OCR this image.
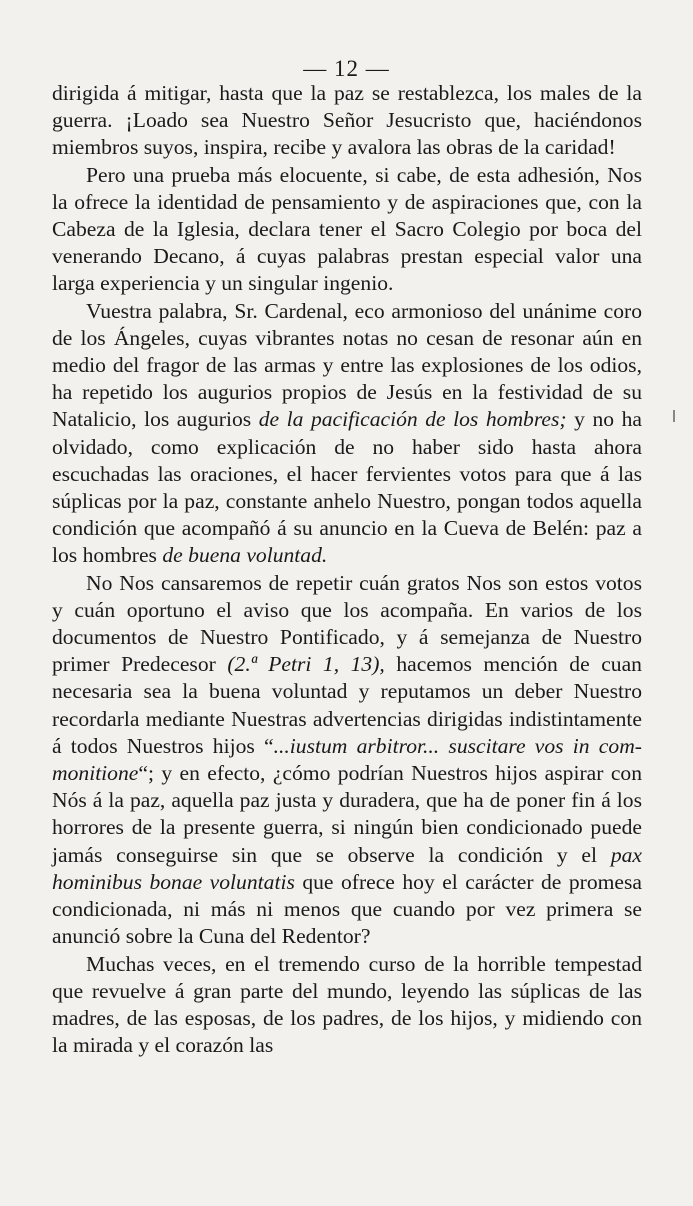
— 12 —

dirigida á mitigar, hasta que la paz se restablezca, los males de la guerra. ¡Loado sea Nuestro Señor Jesucristo que, haciéndonos miembros suyos, inspira, recibe y avalora las obras de la caridad!

Pero una prueba más elocuente, si cabe, de esta adhesión, Nos la ofrece la identidad de pensamiento y de aspiraciones que, con la Cabeza de la Iglesia, declara tener el Sacro Colegio por boca del venerando Decano, á cuyas palabras prestan especial valor una larga experiencia y un singular ingenio.

Vuestra palabra, Sr. Cardenal, eco armonioso del unánime coro de los Ángeles, cuyas vibrantes notas no cesan de resonar aún en medio del fragor de las armas y entre las explosiones de los odios, ha repetido los augurios propios de Jesús en la festividad de su Natalicio, los augurios de la pacificación de los hombres; y no ha olvidado, como explicación de no haber sido hasta ahora escuchadas las oraciones, el hacer fervientes votos para que á las súplicas por la paz, constante anhelo Nuestro, pongan todos aquella condición que acompañó á su anuncio en la Cueva de Belén: paz a los hombres de buena voluntad.

No Nos cansaremos de repetir cuán gratos Nos son estos votos y cuán oportuno el aviso que los acompaña. En varios de los documentos de Nuestro Pontificado, y á semejanza de Nuestro primer Predecesor (2.ª Petri 1, 13), hacemos mención de cuan necesaria sea la buena voluntad y reputamos un deber Nuestro recordarla mediante Nuestras advertencias dirigidas indistintamente á todos Nuestros hijos “...iustum arbitror... suscitare vos in commonitione“; y en efecto, ¿cómo podrían Nuestros hijos aspirar con Nós á la paz, aquella paz justa y duradera, que ha de poner fin á los horrores de la presente guerra, si ningún bien condicionado puede jamás conseguirse sin que se observe la condición y el pax hominibus bonae voluntatis que ofrece hoy el carácter de promesa condicionada, ni más ni menos que cuando por vez primera se anunció sobre la Cuna del Redentor?

Muchas veces, en el tremendo curso de la horrible tempestad que revuelve á gran parte del mundo, leyendo las súplicas de las madres, de las esposas, de los padres, de los hijos, y midiendo con la mirada y el corazón las
